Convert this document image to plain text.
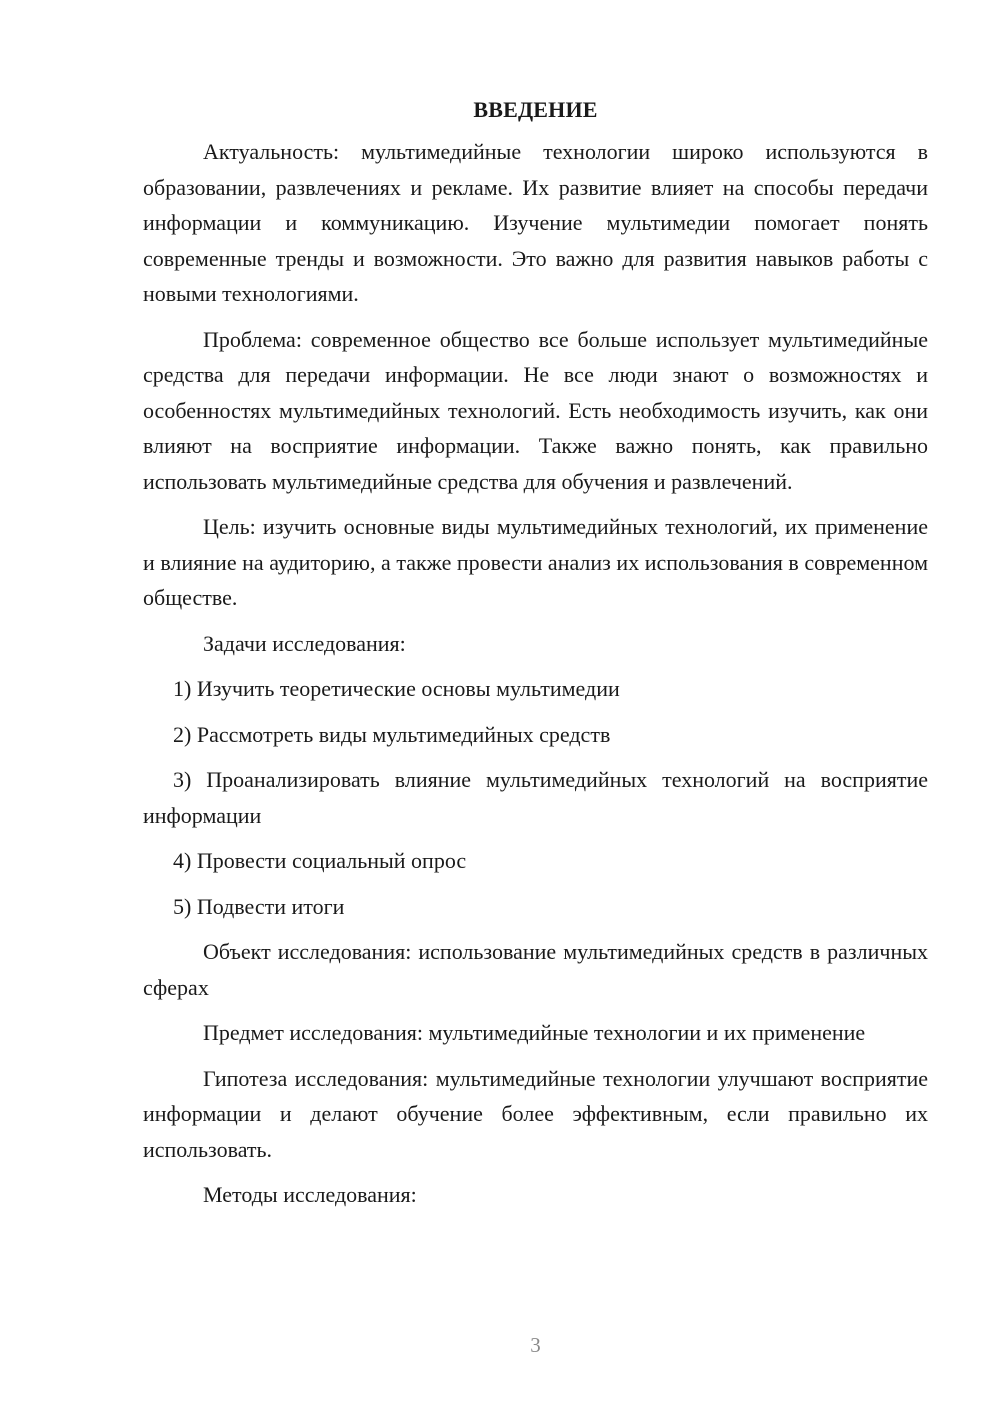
ВВЕДЕНИЕ

Актуальность: мультимедийные технологии широко используются в образовании, развлечениях и рекламе. Их развитие влияет на способы передачи информации и коммуникацию. Изучение мультимедии помогает понять современные тренды и возможности. Это важно для развития навыков работы с новыми технологиями.

Проблема: современное общество все больше использует мультимедийные средства для передачи информации. Не все люди знают о возможностях и особенностях мультимедийных технологий. Есть необходимость изучить, как они влияют на восприятие информации. Также важно понять, как правильно использовать мультимедийные средства для обучения и развлечений.

Цель: изучить основные виды мультимедийных технологий, их применение и влияние на аудиторию, а также провести анализ их использования в современном обществе.

Задачи исследования:

1) Изучить теоретические основы мультимедии
2) Рассмотреть виды мультимедийных средств
3) Проанализировать влияние мультимедийных технологий на восприятие информации
4) Провести социальный опрос
5) Подвести итоги

Объект исследования: использование мультимедийных средств в различных сферах

Предмет исследования: мультимедийные технологии и их применение

Гипотеза исследования: мультимедийные технологии улучшают восприятие информации и делают обучение более эффективным, если правильно их использовать.

Методы исследования:

3
